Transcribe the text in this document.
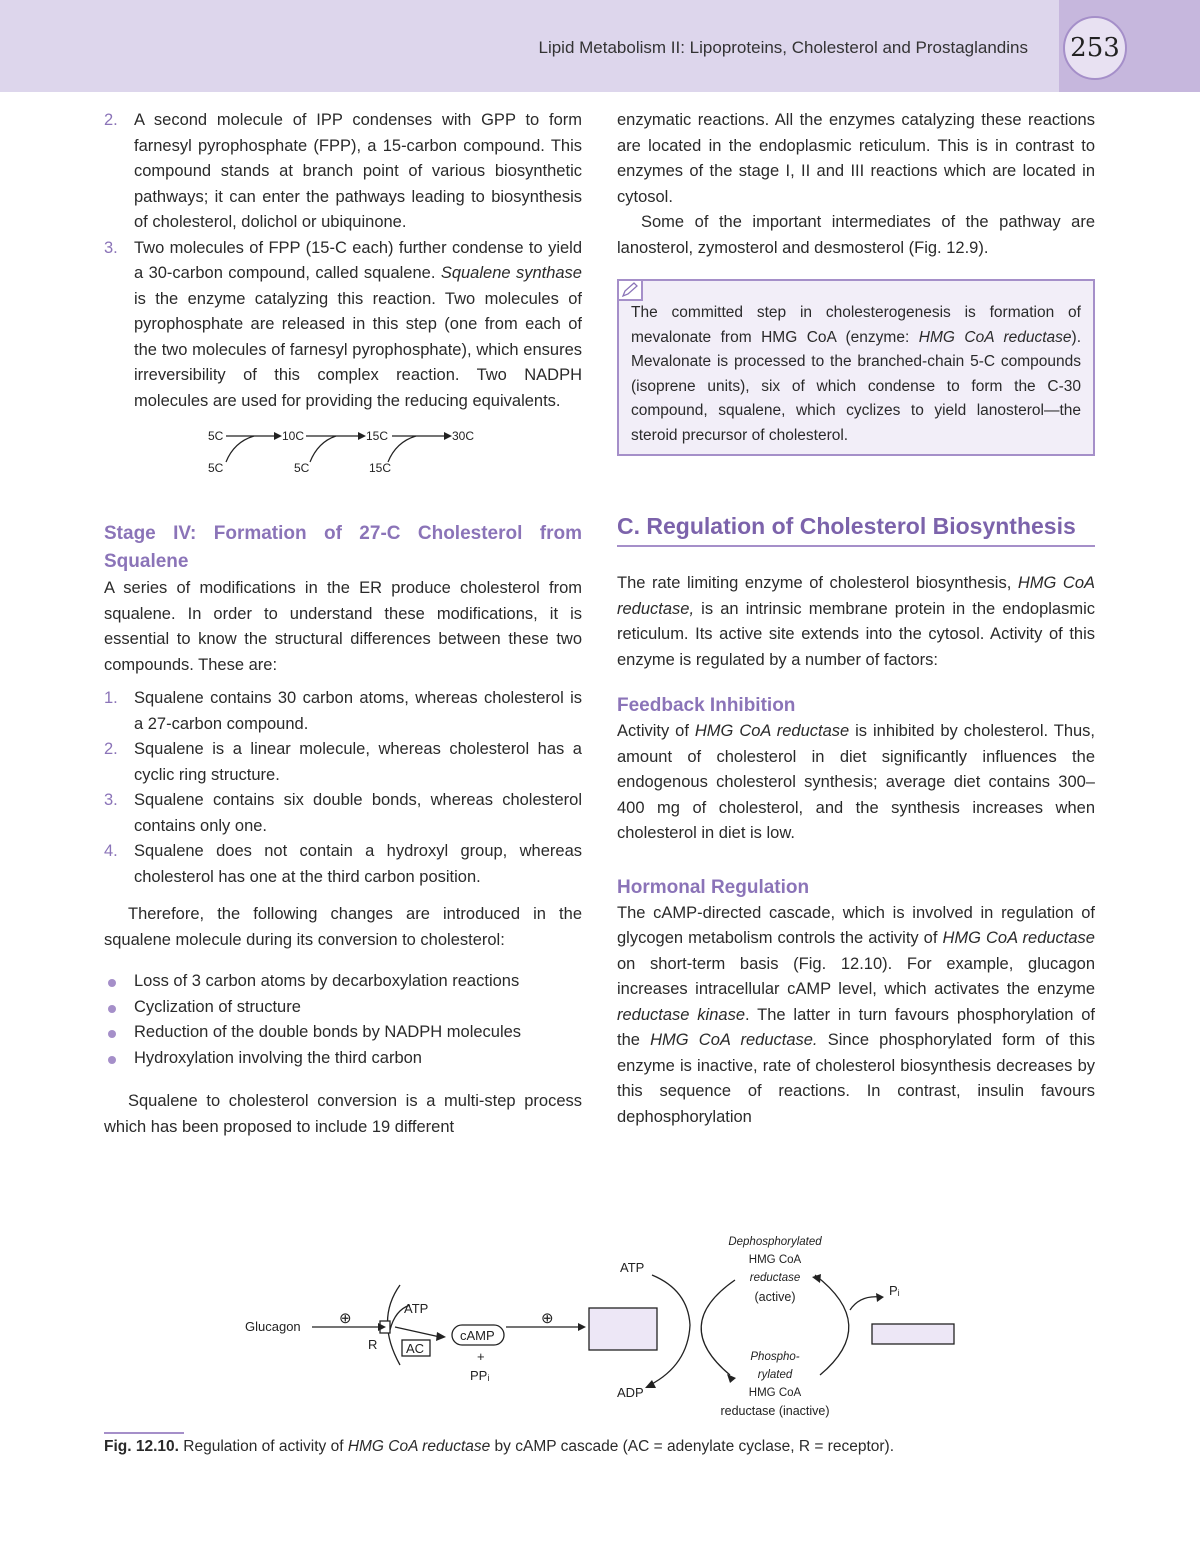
Lipid Metabolism II: Lipoproteins, Cholesterol and Prostaglandins 253
2. A second molecule of IPP condenses with GPP to form farnesyl pyrophosphate (FPP), a 15-carbon compound. This compound stands at branch point of various biosynthetic pathways; it can enter the pathways leading to biosynthesis of cholesterol, dolichol or ubiquinone.
3. Two molecules of FPP (15-C each) further condense to yield a 30-carbon compound, called squalene. Squalene synthase is the enzyme catalyzing this reaction. Two molecules of pyrophosphate are released in this step (one from each of the two molecules of farnesyl pyrophosphate), which ensures irreversibility of this complex reaction. Two NADPH molecules are used for providing the reducing equivalents.
5C	10C	15C	30C
5C	5C	15C
Stage IV: Formation of 27-C Cholesterol from Squalene

A series of modifications in the ER produce cholesterol from squalene. In order to understand these modifications, it is essential to know the structural differences between these two compounds. These are:

1. Squalene contains 30 carbon atoms, whereas cholesterol is a 27-carbon compound.
2. Squalene is a linear molecule, whereas cholesterol has a cyclic ring structure.
3. Squalene contains six double bonds, whereas cholesterol contains only one.
4. Squalene does not contain a hydroxyl group, whereas cholesterol has one at the third carbon position.

Therefore, the following changes are introduced in the squalene molecule during its conversion to cholesterol:

Loss of 3 carbon atoms by decarboxylation reactions
Cyclization of structure
Reduction of the double bonds by NADPH molecules
Hydroxylation involving the third carbon

Squalene to cholesterol conversion is a multi-step process which has been proposed to include 19 different

enzymatic reactions. All the enzymes catalyzing these reactions are located in the endoplasmic reticulum. This is in contrast to enzymes of the stage I, II and III reactions which are located in cytosol.

Some of the important intermediates of the pathway are lanosterol, zymosterol and desmosterol (Fig. 12.9).

The committed step in cholesterogenesis is formation of mevalonate from HMG CoA (enzyme: HMG CoA reductase). Mevalonate is processed to the branched-chain 5-C compounds (isoprene units), six of which condense to form the C-30 compound, squalene, which cyclizes to yield lanosterol—the steroid precursor of cholesterol.
C. Regulation of Cholesterol Biosynthesis

The rate limiting enzyme of cholesterol biosynthesis, HMG CoA reductase, is an intrinsic membrane protein in the endoplasmic reticulum. Its active site extends into the cytosol. Activity of this enzyme is regulated by a number of factors:

Feedback Inhibition

Activity of HMG CoA reductase is inhibited by cholesterol. Thus, amount of cholesterol in diet significantly influences the endogenous cholesterol synthesis; average diet contains 300–400 mg of cholesterol, and the synthesis increases when cholesterol in diet is low.

Hormonal Regulation

The cAMP-directed cascade, which is involved in regulation of glycogen metabolism controls the activity of HMG CoA reductase on short-term basis (Fig. 12.10). For example, glucagon increases intracellular cAMP level, which activates the enzyme reductase kinase. The latter in turn favours phosphorylation of the HMG CoA reductase. Since phosphorylated form of this enzyme is inactive, rate of cholesterol biosynthesis decreases by this sequence of reactions. In contrast, insulin favours dephosphorylation

Glucagon	⊕
R
ATP
AC
cAMP
+
PPᵢ
⊕
ATP
ADP
Dephosphorylated
HMG CoA
reductase
(active)
Phospho-
rylated
HMG CoA
reductase (inactive)
Pᵢ
Fig. 12.10. Regulation of activity of HMG CoA reductase by cAMP cascade (AC = adenylate cyclase, R = receptor).
